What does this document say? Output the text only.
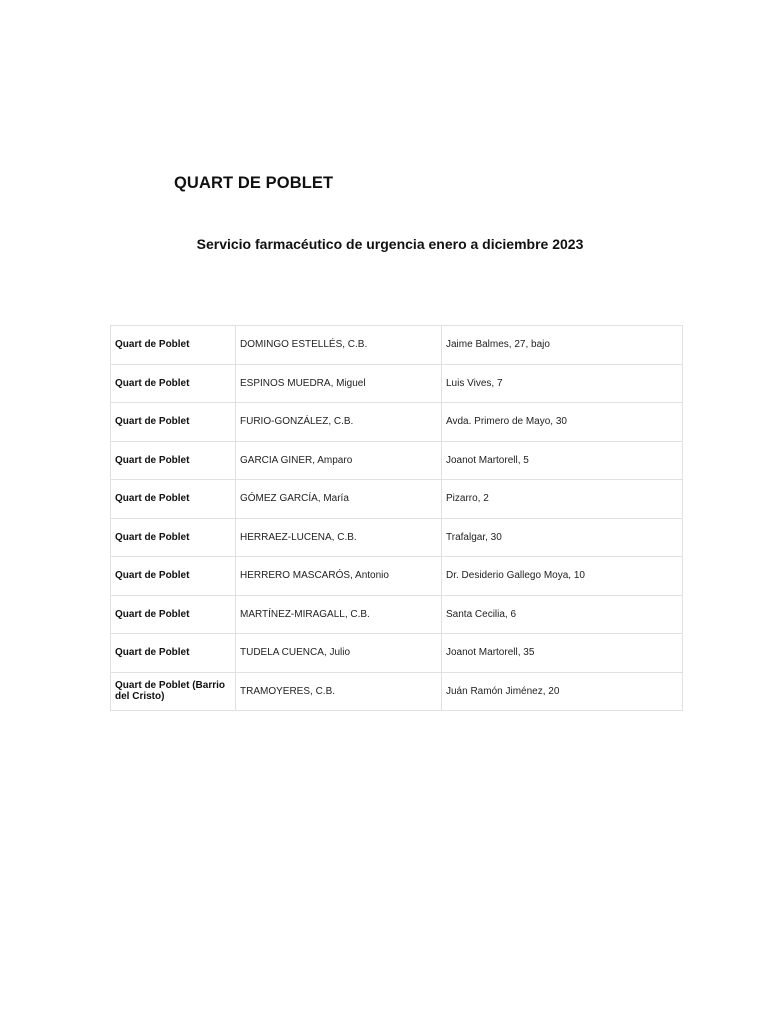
QUART DE POBLET
Servicio farmacéutico de urgencia enero a diciembre 2023
Quart de Poblet	DOMINGO ESTELLÉS, C.B.	Jaime Balmes, 27, bajo
Quart de Poblet	ESPINOS MUEDRA, Miguel	Luis Vives, 7
Quart de Poblet	FURIO-GONZÁLEZ, C.B.	Avda. Primero de Mayo, 30
Quart de Poblet	GARCIA GINER, Amparo	Joanot Martorell, 5
Quart de Poblet	GÓMEZ GARCÍA, María	Pizarro, 2
Quart de Poblet	HERRAEZ-LUCENA, C.B.	Trafalgar, 30
Quart de Poblet	HERRERO MASCARÓS, Antonio	Dr. Desiderio Gallego Moya, 10
Quart de Poblet	MARTÍNEZ-MIRAGALL, C.B.	Santa Cecilia, 6
Quart de Poblet	TUDELA CUENCA, Julio	Joanot Martorell, 35
Quart de Poblet (Barrio del Cristo)	TRAMOYERES, C.B.	Juán Ramón Jiménez, 20
